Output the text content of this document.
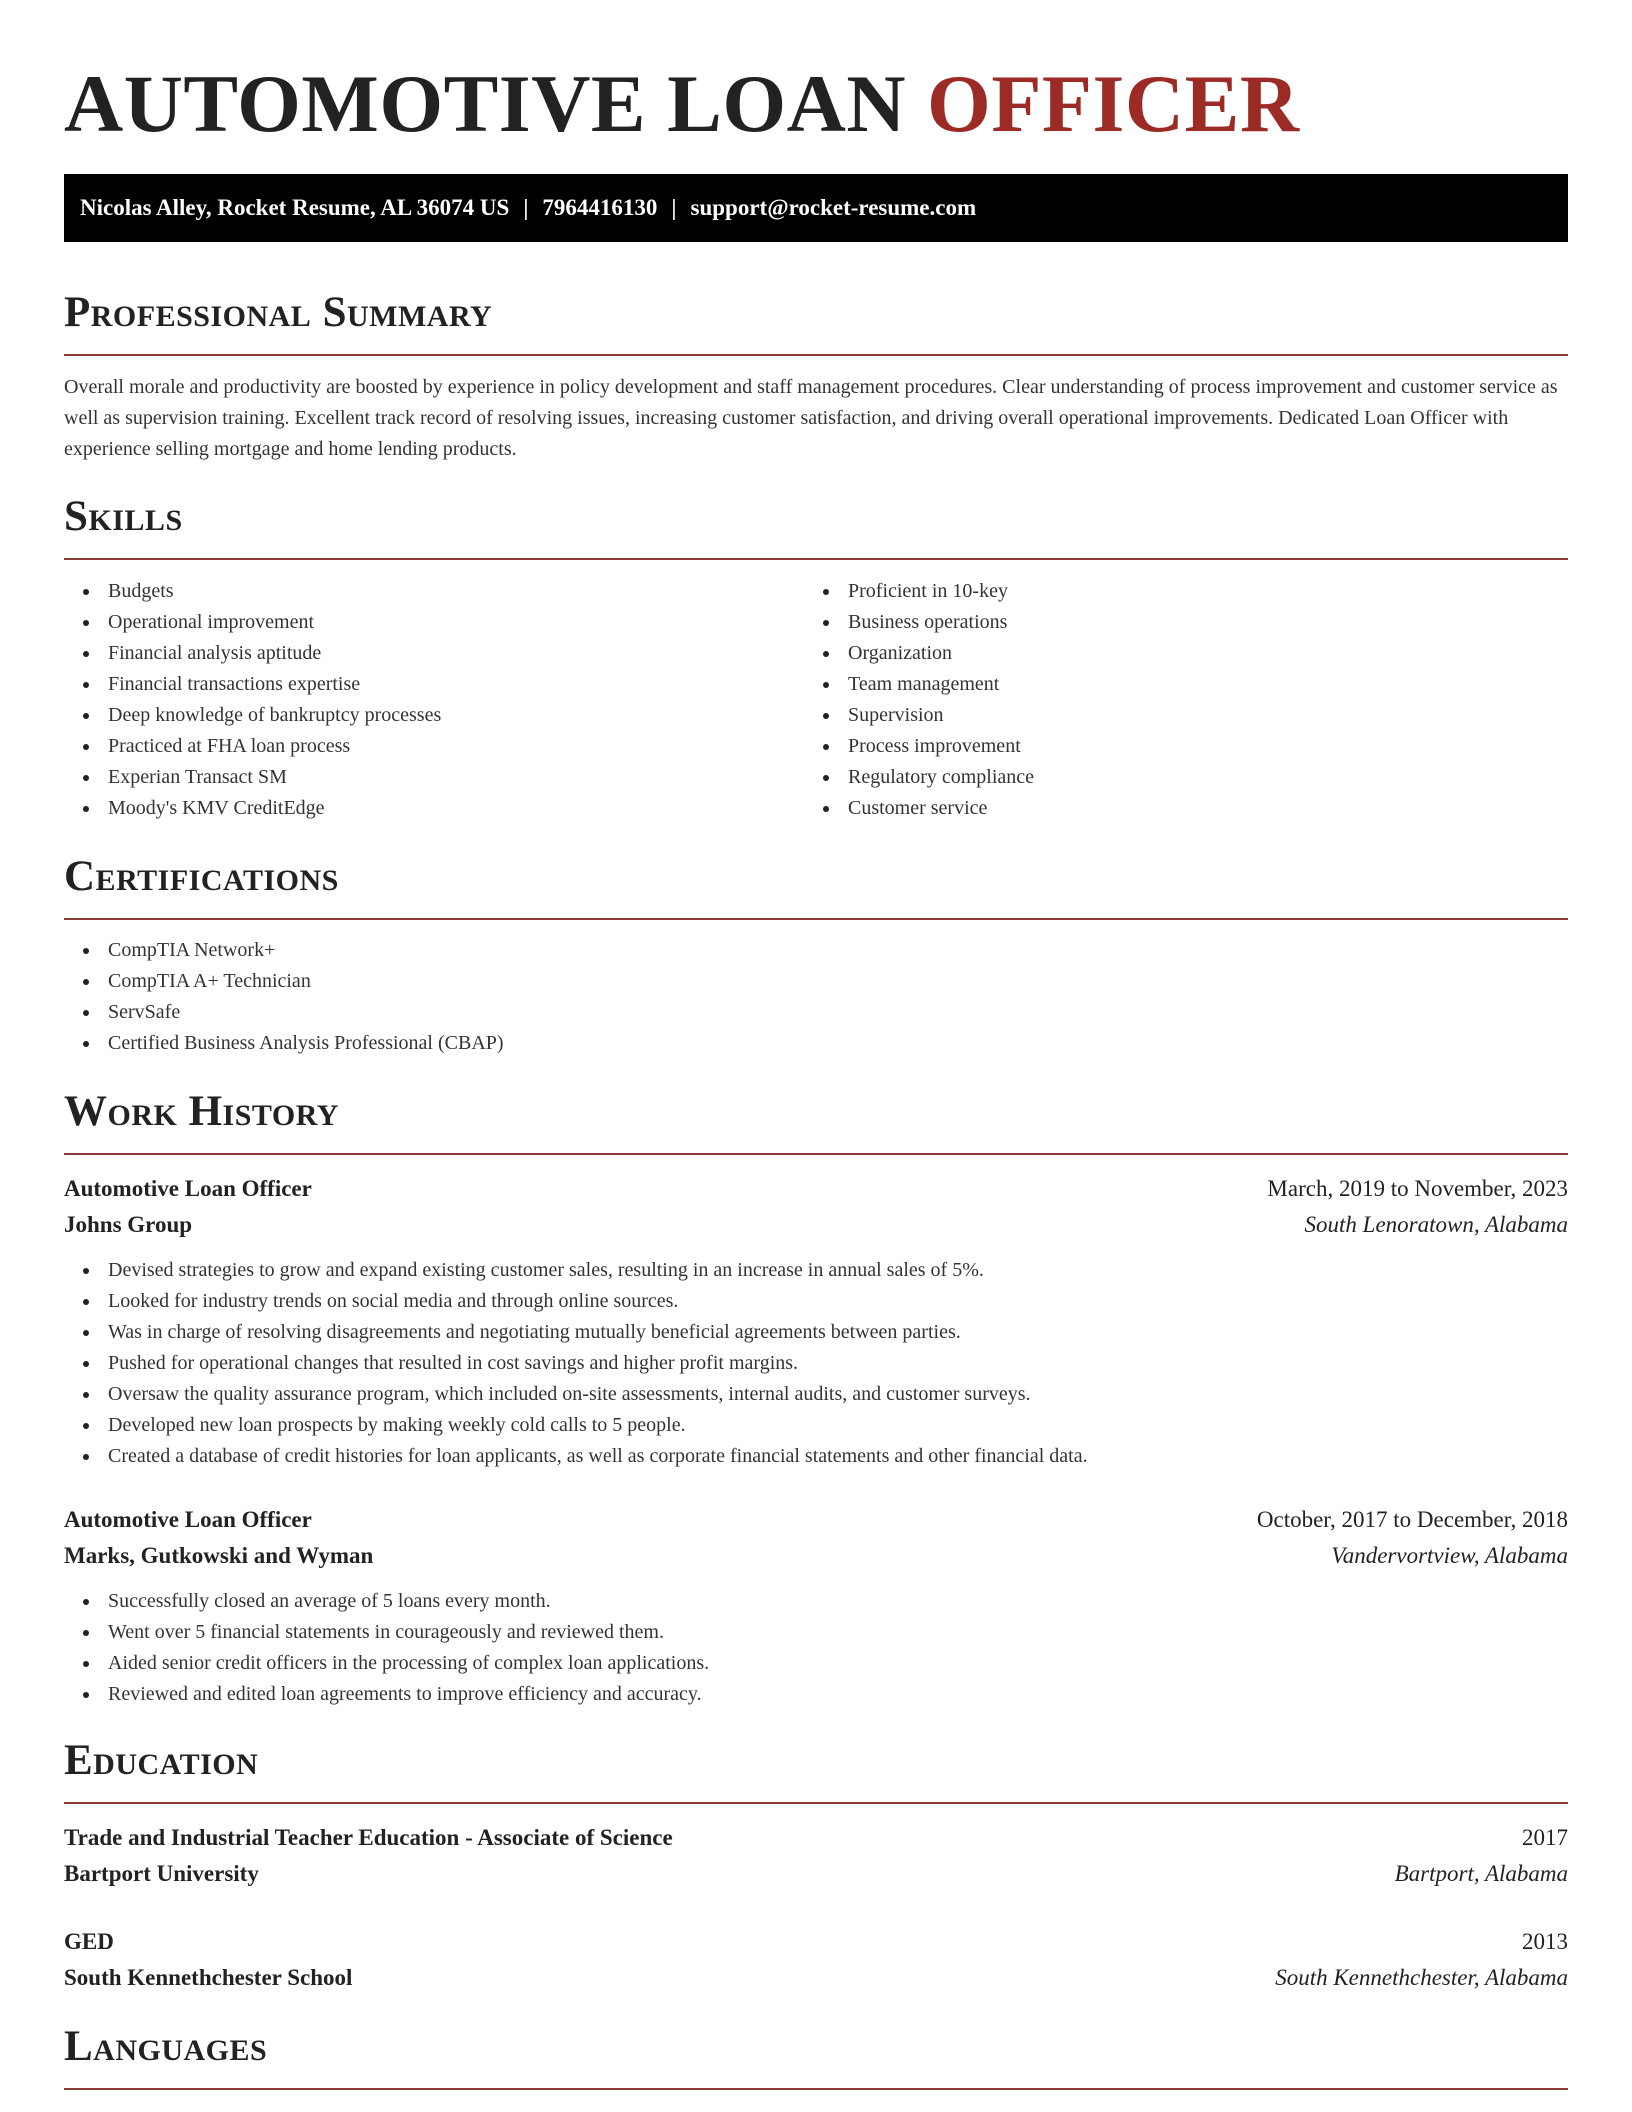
AUTOMOTIVE LOAN OFFICER
Nicolas Alley, Rocket Resume, AL 36074 US | 7964416130 | support@rocket-resume.com
Professional Summary

Overall morale and productivity are boosted by experience in policy development and staff management procedures. Clear understanding of process improvement and customer service as well as supervision training. Excellent track record of resolving issues, increasing customer satisfaction, and driving overall operational improvements. Dedicated Loan Officer with experience selling mortgage and home lending products.

Skills
Budgets
Operational improvement
Financial analysis aptitude
Financial transactions expertise
Deep knowledge of bankruptcy processes
Practiced at FHA loan process
Experian Transact SM
Moody's KMV CreditEdge
Proficient in 10-key
Business operations
Organization
Team management
Supervision
Process improvement
Regulatory compliance
Customer service
Certifications
CompTIA Network+
CompTIA A+ Technician
ServSafe
Certified Business Analysis Professional (CBAP)
Work History
Automotive Loan Officer	March, 2019 to November, 2023
Johns Group	South Lenoratown, Alabama
Devised strategies to grow and expand existing customer sales, resulting in an increase in annual sales of 5%.
Looked for industry trends on social media and through online sources.
Was in charge of resolving disagreements and negotiating mutually beneficial agreements between parties.
Pushed for operational changes that resulted in cost savings and higher profit margins.
Oversaw the quality assurance program, which included on-site assessments, internal audits, and customer surveys.
Developed new loan prospects by making weekly cold calls to 5 people.
Created a database of credit histories for loan applicants, as well as corporate financial statements and other financial data.
Automotive Loan Officer	October, 2017 to December, 2018
Marks, Gutkowski and Wyman	Vandervortview, Alabama
Successfully closed an average of 5 loans every month.
Went over 5 financial statements in courageously and reviewed them.
Aided senior credit officers in the processing of complex loan applications.
Reviewed and edited loan agreements to improve efficiency and accuracy.
Education
Trade and Industrial Teacher Education - Associate of Science	2017
Bartport University	Bartport, Alabama
GED	2013
South Kennethchester School	South Kennethchester, Alabama
Languages
